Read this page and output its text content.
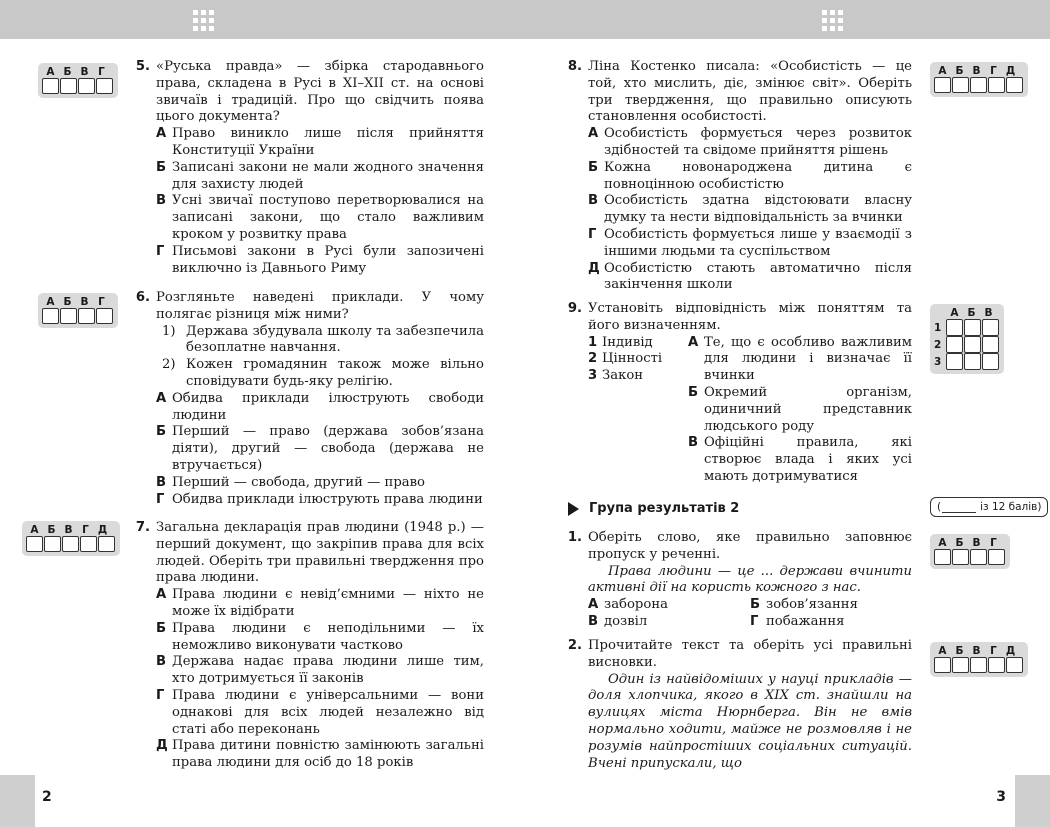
А Б В Г	5. «Руська правда» — збірка стародавнього права, складена в Русі в ХІ–ХІІ ст. на основі звичаїв і традицій. Про що свідчить поява цього документа?
А Право виникло лише після прийняття Конституції України
Б Записані закони не мали жодного значення для захисту людей
В Усні звичаї поступово перетворювалися на записані закони, що стало важливим кроком у розвитку права
Г Письмові закони в Русі були запозичені виключно із Давнього Риму
А Б В Г	6. Розгляньте наведені приклади. У чому полягає різниця між ними?
1) Держава збудувала школу та забезпечила безоплатне навчання.
2) Кожен громадянин також може вільно сповідувати будь-яку релігію.
А Обидва приклади ілюструють свободи людини
Б Перший — право (держава зобов’язана діяти), другий — свобода (держава не втручається)
В Перший — свобода, другий — право
Г Обидва приклади ілюструють права людини
А Б В Г Д	7. Загальна декларація прав людини (1948 р.) — перший документ, що закріпив права для всіх людей. Оберіть три правильні твердження про права людини.
А Права людини є невід’ємними — ніхто не може їх відібрати
Б Права людини є неподільними — їх неможливо виконувати частково
В Держава надає права людини лише тим, хто дотримується її законів
Г Права людини є універсальними — вони однакові для всіх людей незалежно від статі або переконань
Д Права дитини повністю замінюють загальні права людини для осіб до 18 років
2
8. Ліна Костенко писала: «Особистість — це той, хто мислить, діє, змінює світ». Оберіть три твердження, що правильно описують становлення особистості.
А Особистість формується через розвиток здібностей та свідоме прийняття рішень
Б Кожна новонароджена дитина є повноцінною особистістю
В Особистість здатна відстоювати власну думку та нести відповідальність за вчинки
Г Особистість формується лише у взаємодії з іншими людьми та суспільством
Д Особистістю стають автоматично після закінчення школи
А Б В Г Д
9. Установіть відповідність між поняттям та його визначенням.
1 Індивід
2 Цінності
3 Закон
А Те, що є особливо важливим для людини і визначає її вчинки
Б Окремий організм, одиничний представник людського роду
В Офіційні правила, які створює влада і яких усі мають дотримуватися
А Б В
1
2
3
Група результатів 2	(	із 12 балів)
1. Оберіть слово, яке правильно заповнює пропуск у реченні.
Права людини — це ... держави вчинити активні дії на користь кожного з нас.
А заборона	Б зобов’язання
В дозвіл	Г побажання
А Б В Г
2. Прочитайте текст та оберіть усі правильні висновки.
Один із найвідоміших у науці прикладів — доля хлопчика, якого в ХІХ ст. знайшли на вулицях міста Нюрнберга. Він не вмів нормально ходити, майже не розмовляв і не розумів найпростіших соціальних ситуацій. Вчені припускали, що
А Б В Г Д
3
